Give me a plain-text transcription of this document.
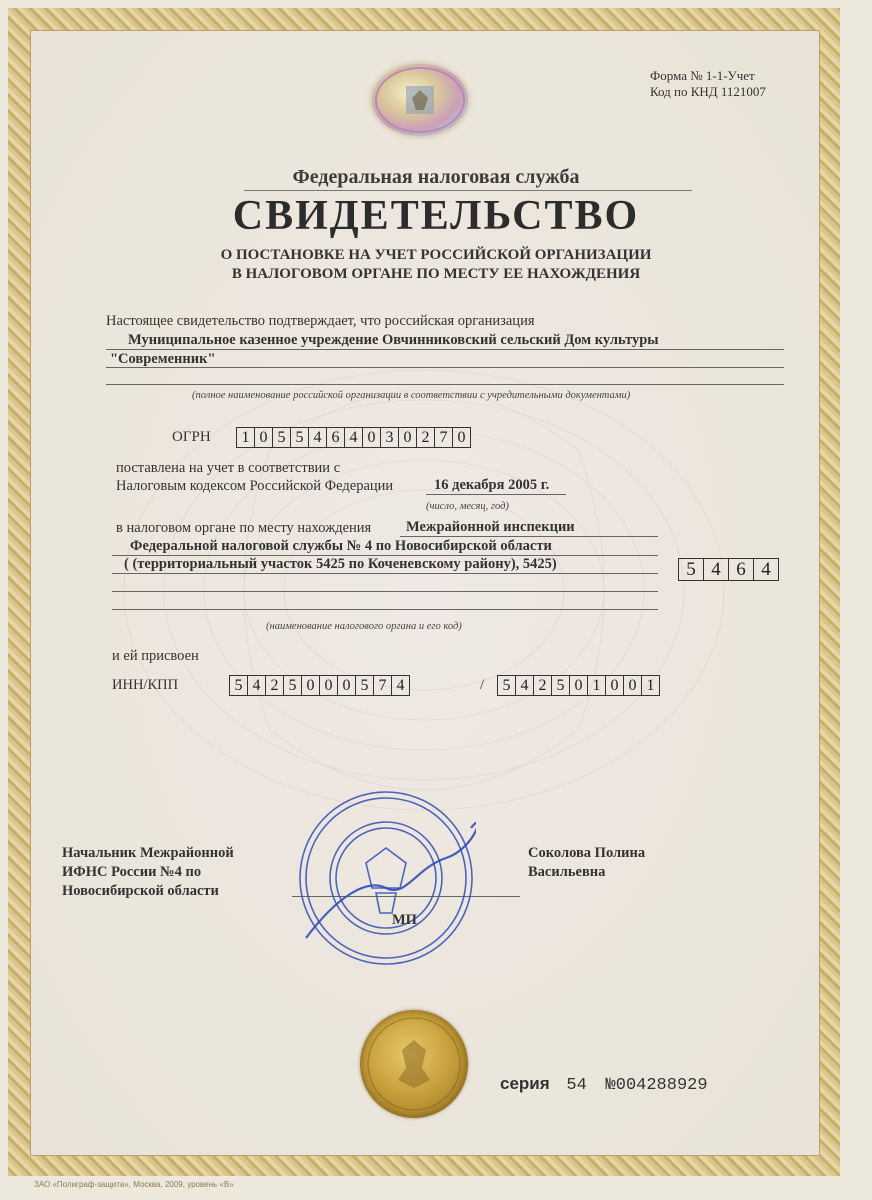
Форма № 1-1-Учет
Код по КНД 1121007
Федеральная налоговая служба
СВИДЕТЕЛЬСТВО
О ПОСТАНОВКЕ НА УЧЕТ РОССИЙСКОЙ ОРГАНИЗАЦИИ
В НАЛОГОВОМ ОРГАНЕ ПО МЕСТУ ЕЕ НАХОЖДЕНИЯ
Настоящее свидетельство подтверждает, что российская организация
Муниципальное казенное учреждение Овчинниковский сельский Дом культуры
"Современник"
(полное наименование российской организации в соответствии с учредительными документами)
ОГРН 1 0 5 5 4 6 4 0 3 0 2 7 0
поставлена на учет в соответствии с
Налоговым кодексом Российской Федерации	16 декабря 2005 г.
(число, месяц, год)
в налоговом органе по месту нахождения Межрайонной инспекции
Федеральной налоговой службы № 4 по Новосибирской области
( (территориальный участок 5425 по Коченевскому району), 5425)	5 4 6 4
(наименование налогового органа и его код)
и ей присвоен
ИНН/КПП	5 4 2 5 0 0 0 5 7 4	/ 5 4 2 5 0 1 0 0 1
Начальник Межрайонной
ИФНС России №4 по
Новосибирской области
Соколова Полина
Васильевна
МП
серия 54 №004288929
ЗАО «Полиграф-защита», Москва, 2009, уровень «В»
